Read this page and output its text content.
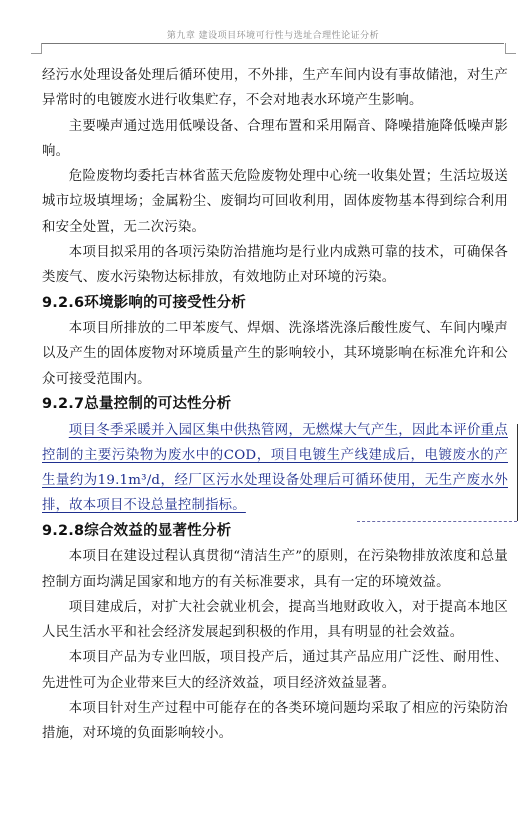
第九章 建设项目环境可行性与选址合理性论证分析

经污水处理设备处理后循环使用，不外排，生产车间内设有事故储池，对生产异常时的电镀废水进行收集贮存，不会对地表水环境产生影响。

主要噪声通过选用低噪设备、合理布置和采用隔音、降噪措施降低噪声影响。

危险废物均委托吉林省蓝天危险废物处理中心统一收集处置；生活垃圾送城市垃圾填埋场；金属粉尘、废铜均可回收利用，固体废物基本得到综合利用和安全处置，无二次污染。

本项目拟采用的各项污染防治措施均是行业内成熟可靠的技术，可确保各类废气、废水污染物达标排放，有效地防止对环境的污染。

9.2.6环境影响的可接受性分析

本项目所排放的二甲苯废气、焊烟、洗涤塔洗涤后酸性废气、车间内噪声以及产生的固体废物对环境质量产生的影响较小，其环境影响在标准允许和公众可接受范围内。

9.2.7总量控制的可达性分析

项目冬季采暖并入园区集中供热管网，无燃煤大气产生，因此本评价重点控制的主要污染物为废水中的COD，项目电镀生产线建成后，电镀废水的产生量约为19.1m³/d，经厂区污水处理设备处理后可循环使用，无生产废水外排，故本项目不设总量控制指标。

9.2.8综合效益的显著性分析

本项目在建设过程认真贯彻“清洁生产”的原则，在污染物排放浓度和总量控制方面均满足国家和地方的有关标准要求，具有一定的环境效益。

项目建成后，对扩大社会就业机会，提高当地财政收入，对于提高本地区人民生活水平和社会经济发展起到积极的作用，具有明显的社会效益。

本项目产品为专业凹版，项目投产后，通过其产品应用广泛性、耐用性、先进性可为企业带来巨大的经济效益，项目经济效益显著。

本项目针对生产过程中可能存在的各类环境问题均采取了相应的污染防治措施，对环境的负面影响较小。
